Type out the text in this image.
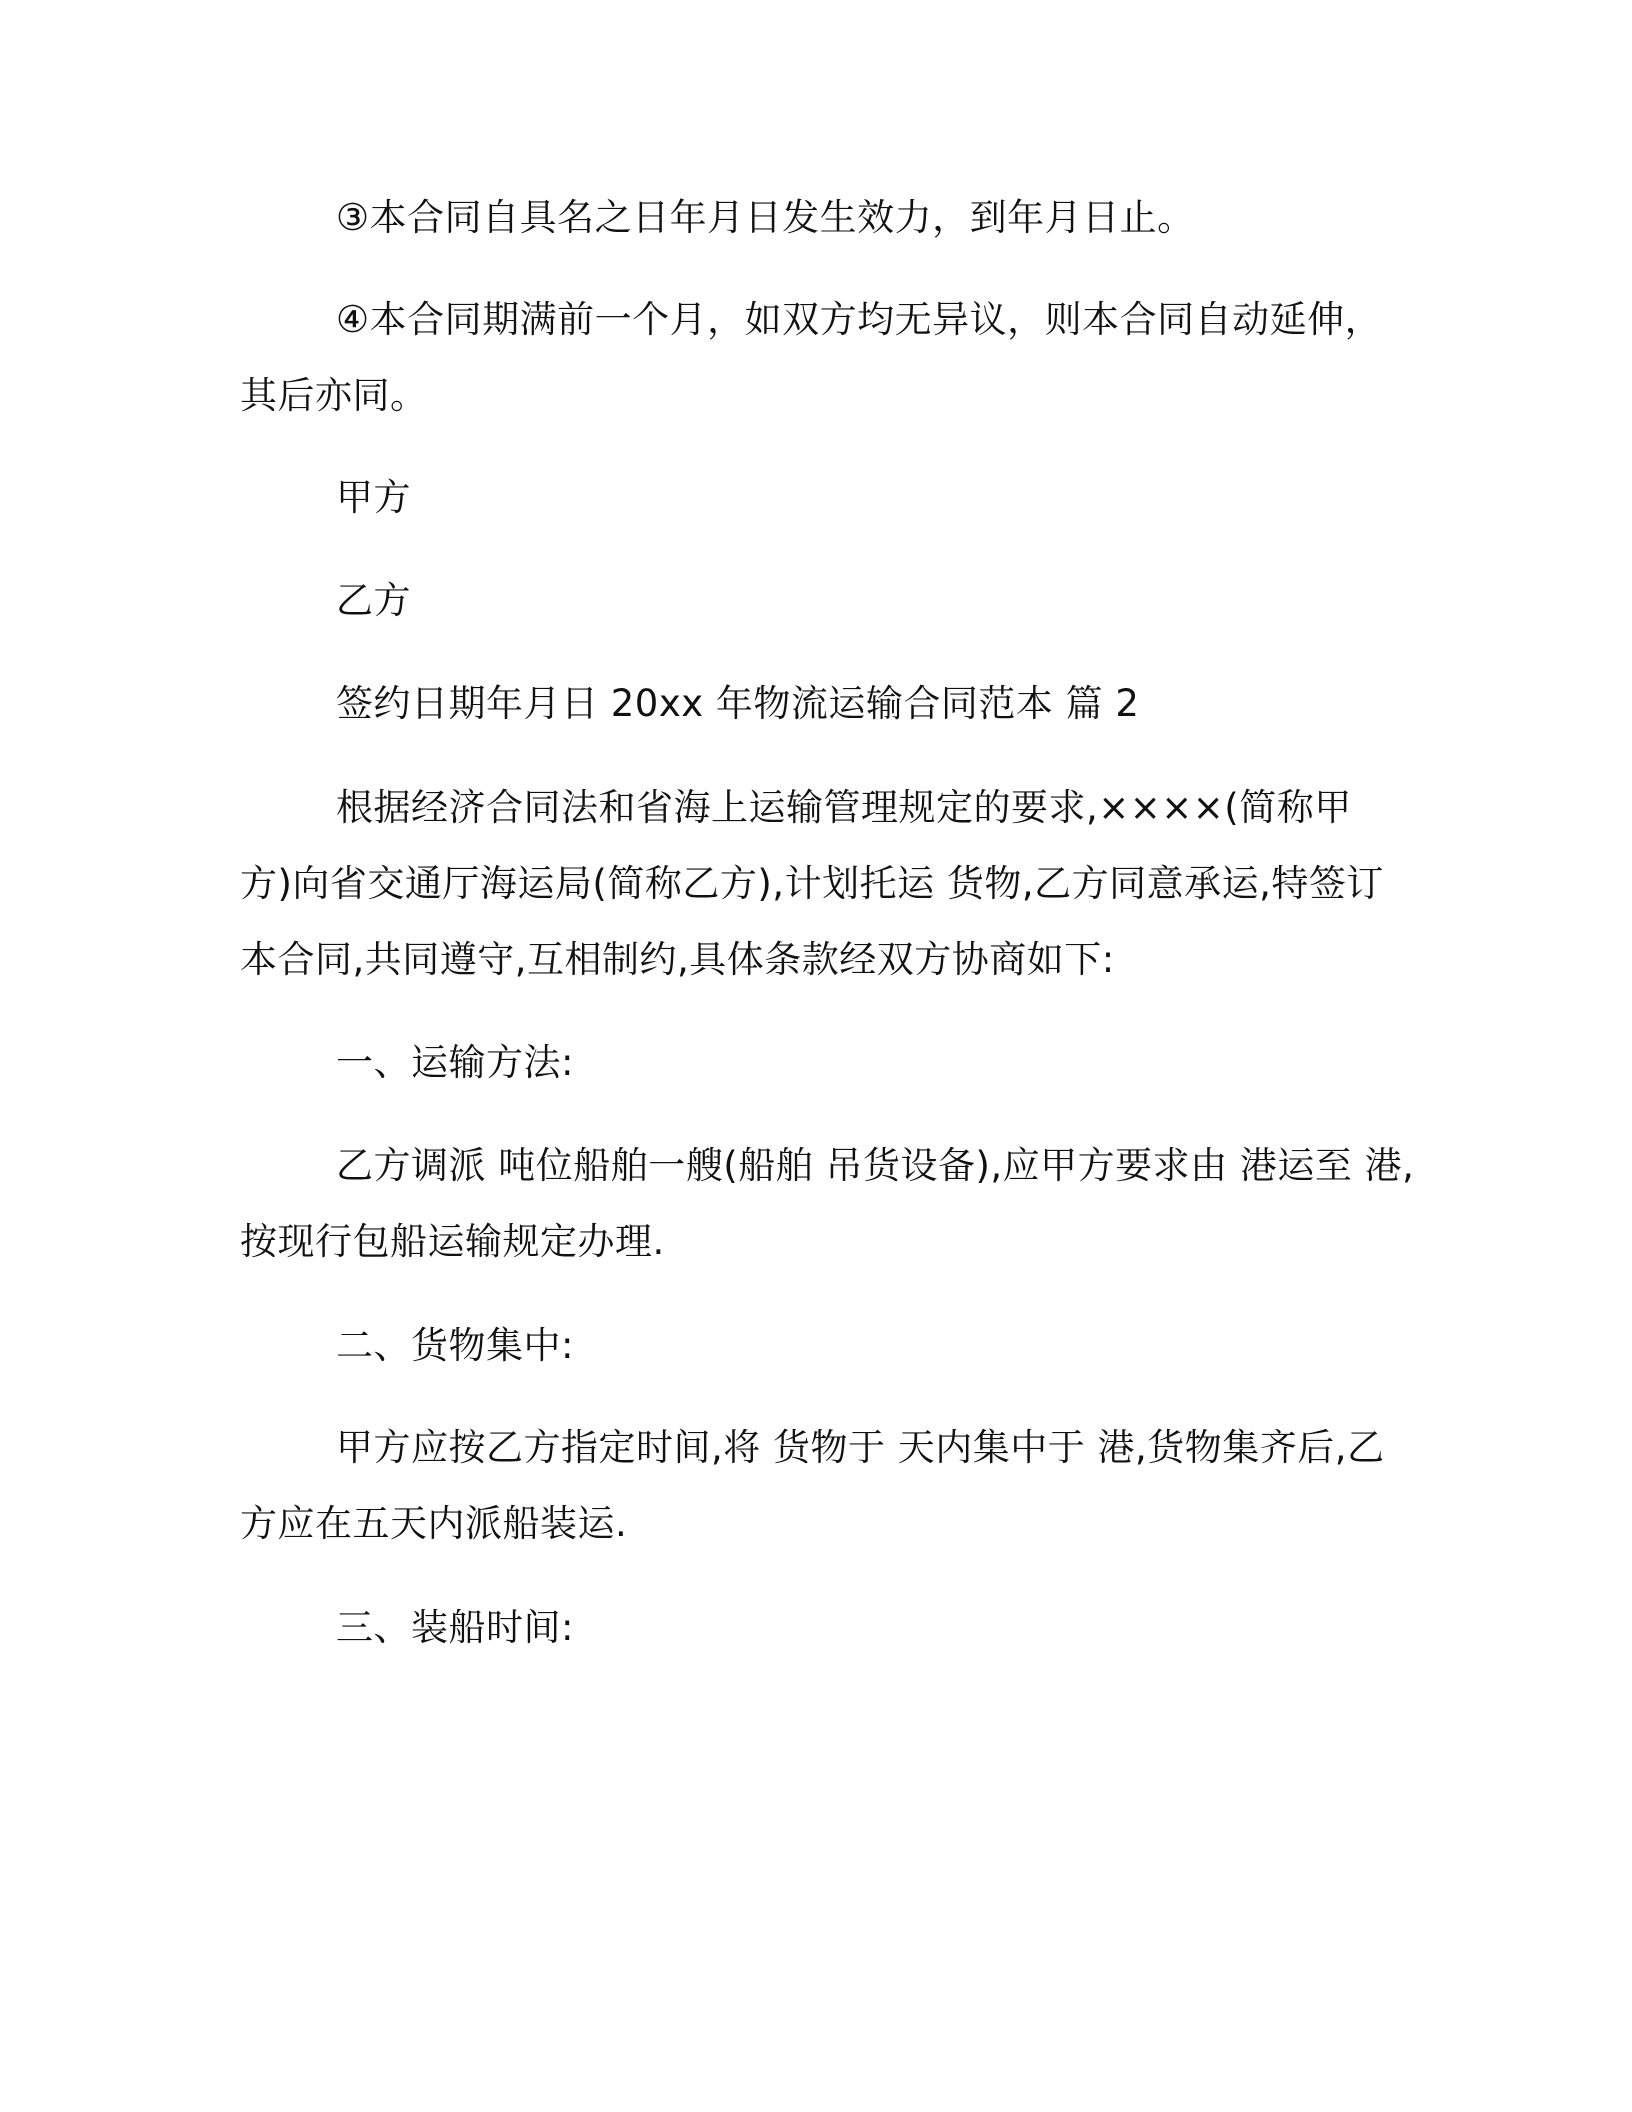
③本合同自具名之日年月日发生效力，到年月日止。
④本合同期满前一个月，如双方均无异议，则本合同自动延伸，
其后亦同。
甲方
乙方
签约日期年月日 20xx 年物流运输合同范本 篇 2
根据经济合同法和省海上运输管理规定的要求,××××(简称甲
方)向省交通厅海运局(简称乙方),计划托运 货物,乙方同意承运,特签订
本合同,共同遵守,互相制约,具体条款经双方协商如下:
一、运输方法:
乙方调派 吨位船舶一艘(船舶 吊货设备),应甲方要求由 港运至 港,
按现行包船运输规定办理.
二、货物集中:
甲方应按乙方指定时间,将 货物于 天内集中于 港,货物集齐后,乙
方应在五天内派船装运.
三、装船时间:
